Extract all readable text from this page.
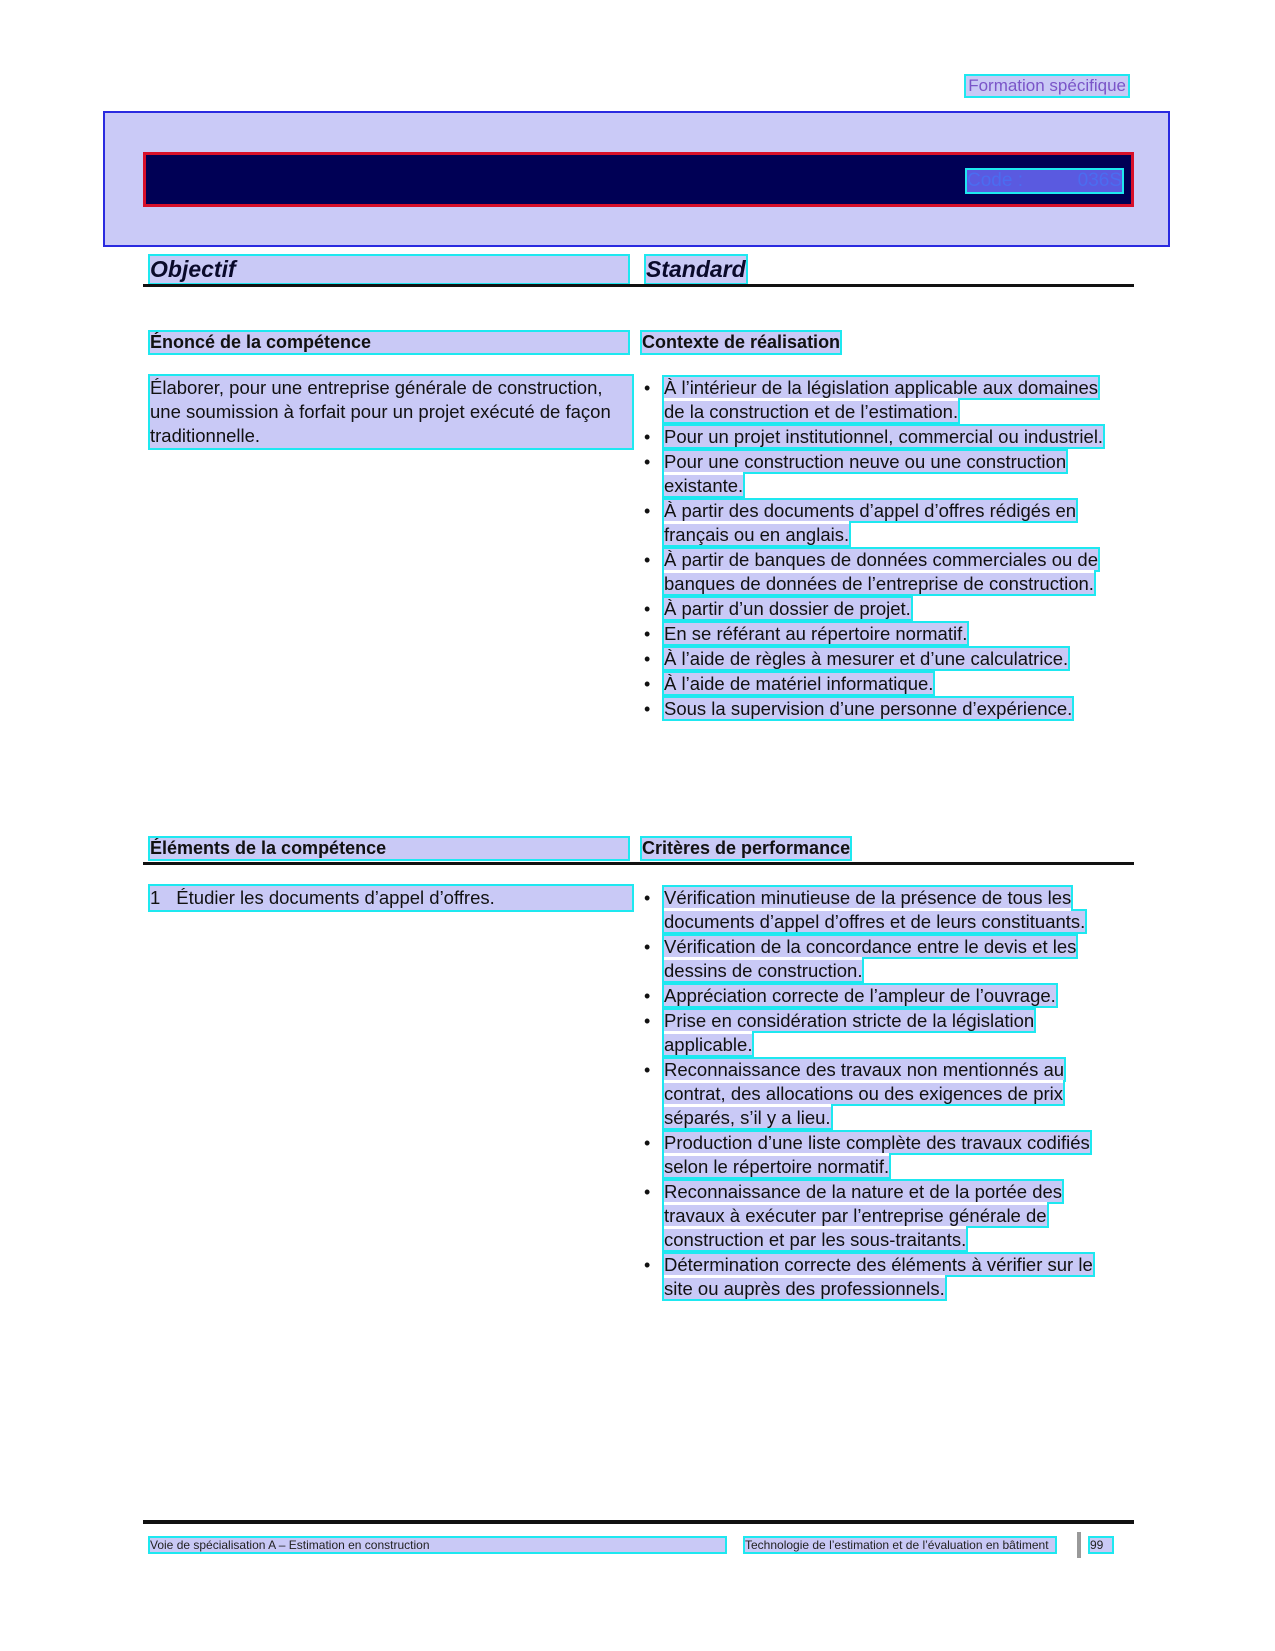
Formation spécifique
Code :	036S
Objectif	Standard
Énoncé de la compétence	Contexte de réalisation
Élaborer, pour une entreprise générale de construction, une soumission à forfait pour un projet exécuté de façon traditionnelle.
• À l’intérieur de la législation applicable aux domaines de la construction et de l’estimation.
• Pour un projet institutionnel, commercial ou industriel.
• Pour une construction neuve ou une construction existante.
• À partir des documents d’appel d’offres rédigés en français ou en anglais.
• À partir de banques de données commerciales ou de banques de données de l’entreprise de construction.
• À partir d’un dossier de projet.
• En se référant au répertoire normatif.
• À l’aide de règles à mesurer et d’une calculatrice.
• À l’aide de matériel informatique.
• Sous la supervision d’une personne d’expérience.
Éléments de la compétence	Critères de performance
1 Étudier les documents d’appel d’offres.
•	Vérification minutieuse de la présence de tous les documents d’appel d’offres et de leurs constituants.
• Vérification de la concordance entre le devis et les dessins de construction.
• Appréciation correcte de l’ampleur de l’ouvrage.
• Prise en considération stricte de la législation applicable.
• Reconnaissance des travaux non mentionnés au contrat, des allocations ou des exigences de prix séparés, s’il y a lieu.
• Production d’une liste complète des travaux codifiés selon le répertoire normatif.
• Reconnaissance de la nature et de la portée des travaux à exécuter par l’entreprise générale de construction et par les sous-traitants.
• Détermination correcte des éléments à vérifier sur le site ou auprès des professionnels.
Voie de spécialisation A – Estimation en construction	Technologie de l’estimation et de l’évaluation en bâtiment	99
